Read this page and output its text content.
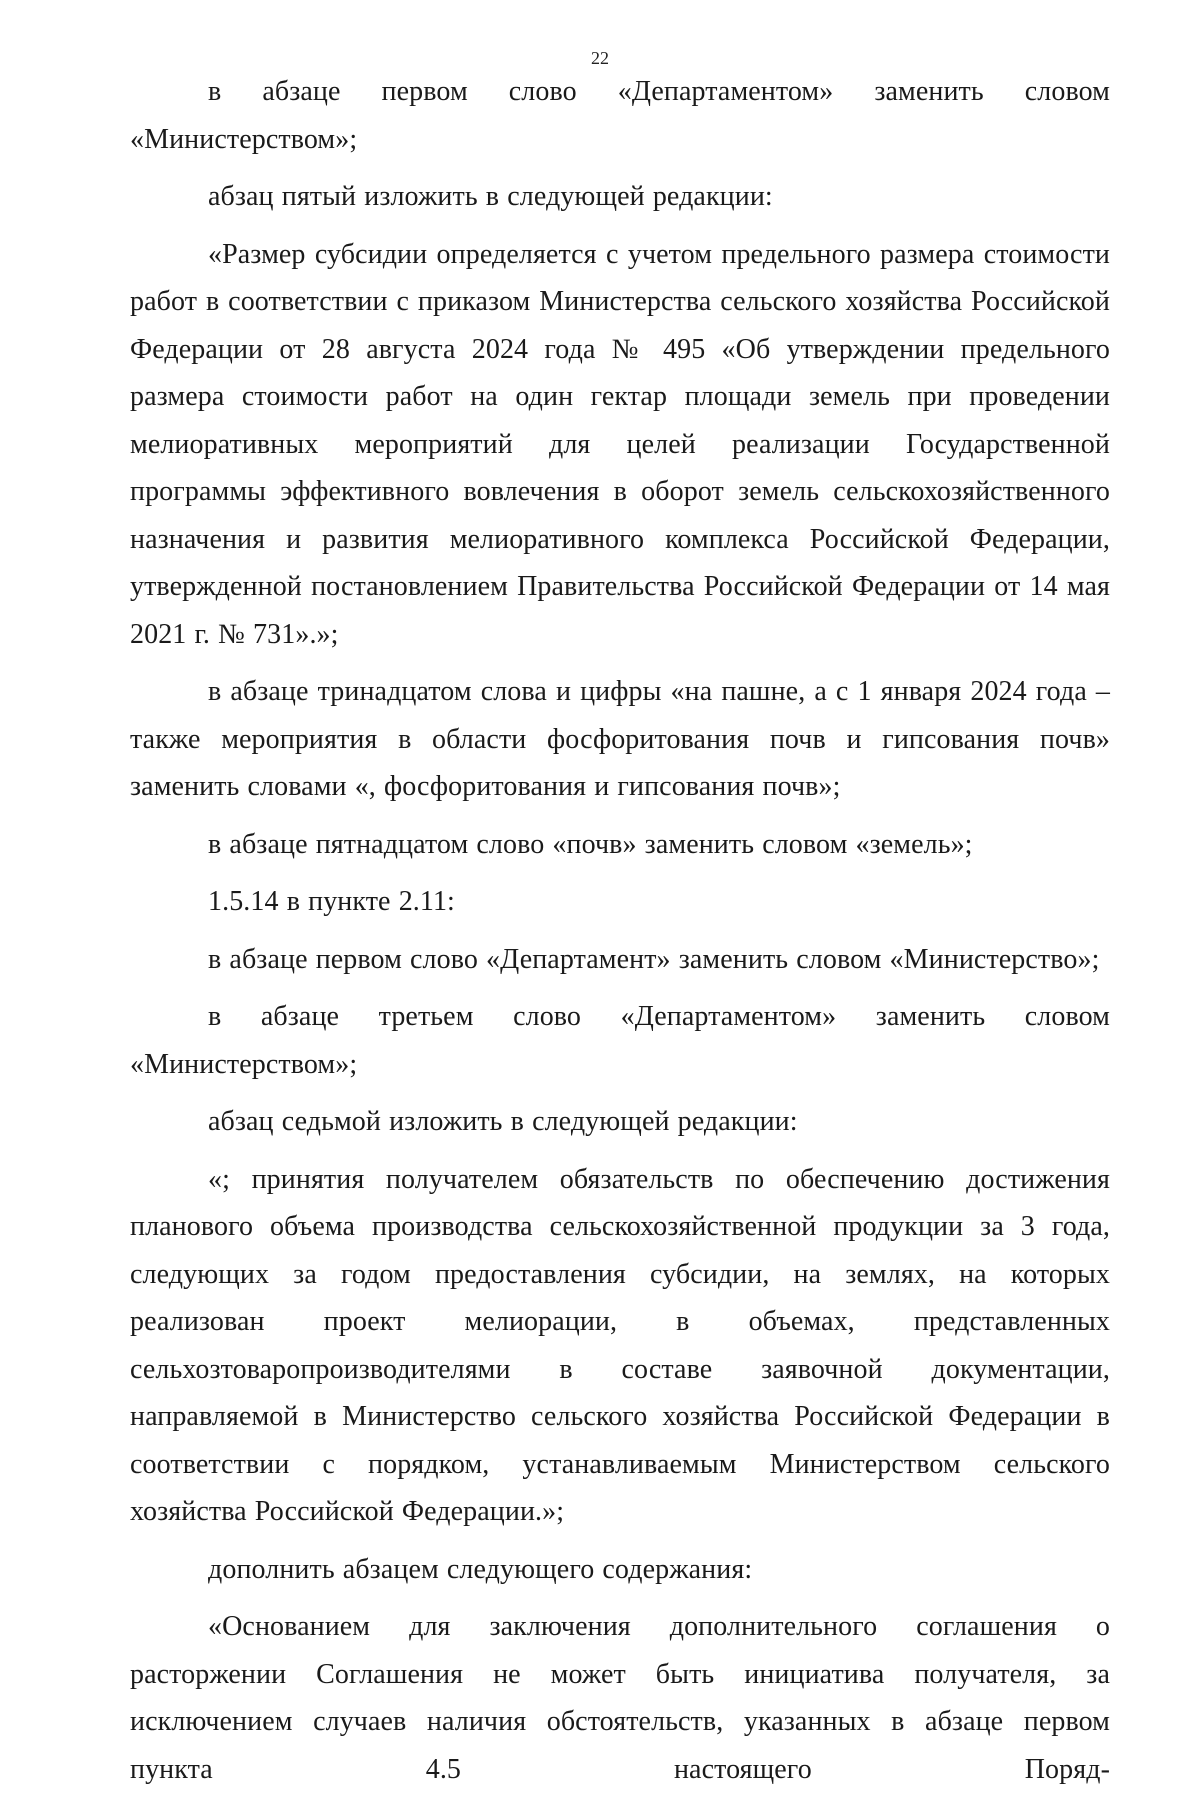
22

в абзаце первом слово «Департаментом» заменить словом «Министерством»;

абзац пятый изложить в следующей редакции:

«Размер субсидии определяется с учетом предельного размера стоимости работ в соответствии с приказом Министерства сельского хозяйства Российской Федерации от 28 августа 2024 года № 495 «Об утверждении предельного размера стоимости работ на один гектар площади земель при проведении мелиоративных мероприятий для целей реализации Государственной программы эффективного вовлечения в оборот земель сельскохозяйственного назначения и развития мелиоративного комплекса Российской Федерации, утвержденной постановлением Правительства Российской Федерации от 14 мая 2021 г. № 731».»;

в абзаце тринадцатом слова и цифры «на пашне, а с 1 января 2024 года – также мероприятия в области фосфоритования почв и гипсования почв» заменить словами «, фосфоритования и гипсования почв»;

в абзаце пятнадцатом слово «почв» заменить словом «земель»;

1.5.14 в пункте 2.11:

в абзаце первом слово «Департамент» заменить словом «Министерство»;

в абзаце третьем слово «Департаментом» заменить словом «Министерством»;

абзац седьмой изложить в следующей редакции:

«; принятия получателем обязательств по обеспечению достижения планового объема производства сельскохозяйственной продукции за 3 года, следующих за годом предоставления субсидии, на землях, на которых реализован проект мелиорации, в объемах, представленных сельхозтоваропроизводителями в составе заявочной документации, направляемой в Министерство сельского хозяйства Российской Федерации в соответствии с порядком, устанавливаемым Министерством сельского хозяйства Российской Федерации.»;

дополнить абзацем следующего содержания:

«Основанием для заключения дополнительного соглашения о расторжении Соглашения не может быть инициатива получателя, за исключением случаев наличия обстоятельств, указанных в абзаце первом пункта 4.5 настоящего Поряд-
